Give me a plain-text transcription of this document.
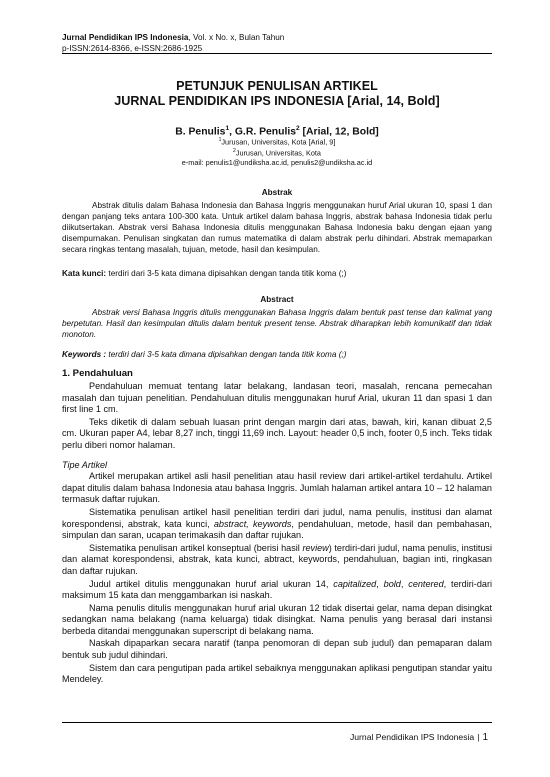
Jurnal Pendidikan IPS Indonesia, Vol. x No. x, Bulan Tahun
p-ISSN:2614-8366, e-ISSN:2686-1925
PETUNJUK PENULISAN ARTIKEL
JURNAL PENDIDIKAN IPS INDONESIA [Arial, 14, Bold]
B. Penulis$^1$, G.R. Penulis$^2$ [Arial, 12, Bold]
$^1$Jurusan, Universitas, Kota [Arial, 9]
$^2$Jurusan, Universitas, Kota
e-mail: penulis1@undiksha.ac.id, penulis2@undiksha.ac.id
Abstrak

Abstrak ditulis dalam Bahasa Indonesia dan Bahasa Inggris menggunakan huruf Arial ukuran 10, spasi 1 dan dengan panjang teks antara 100-300 kata. Untuk artikel dalam bahasa Inggris, abstrak bahasa Indonesia tidak perlu diikutsertakan. Abstrak versi Bahasa Indonesia ditulis menggunakan Bahasa Indonesia baku dengan ejaan yang disempurnakan. Penulisan singkatan dan rumus matematika di dalam abstrak perlu dihindari. Abstrak memaparkan secara ringkas tentang masalah, tujuan, metode, hasil dan kesimpulan.

Kata kunci: terdiri dari 3-5 kata dimana dipisahkan dengan tanda titik koma (;)

Abstract

Abstrak versi Bahasa Inggris ditulis menggunakan Bahasa Inggris dalam bentuk past tense dan kalimat yang berpetutan. Hasil dan kesimpulan ditulis dalam bentuk present tense. Abstrak diharapkan lebih komunikatif dan tidak monoton.

Keywords : terdiri dari 3-5 kata dimana dipisahkan dengan tanda titik koma (;)

1. Pendahuluan

Pendahuluan memuat tentang latar belakang, landasan teori, masalah, rencana pemecahan masalah dan tujuan penelitian. Pendahuluan ditulis menggunakan huruf Arial, ukuran 11 dan spasi 1 dan first line 1 cm.

Teks diketik di dalam sebuah luasan print dengan margin dari atas, bawah, kiri, kanan dibuat 2,5 cm. Ukuran paper A4, lebar 8,27 inch, tinggi 11,69 inch. Layout: header 0,5 inch, footer 0,5 inch. Teks tidak perlu diberi nomor halaman.

Tipe Artikel

Artikel merupakan artikel asli hasil penelitian atau hasil review dari artikel-artikel terdahulu. Artikel dapat ditulis dalam bahasa Indonesia atau bahasa Inggris. Jumlah halaman artikel antara 10 – 12 halaman termasuk daftar rujukan.

Sistematika penulisan artikel hasil penelitian terdiri dari judul, nama penulis, institusi dan alamat korespondensi, abstrak, kata kunci, abstract, keywords, pendahuluan, metode, hasil dan pembahasan, simpulan dan saran, ucapan terimakasih dan daftar rujukan.

Sistematika penulisan artikel konseptual (berisi hasil review) terdiri-dari judul, nama penulis, institusi dan alamat korespondensi, abstrak, kata kunci, abtract, keywords, pendahuluan, bagian inti, ringkasan dan daftar rujukan.

Judul artikel ditulis menggunakan huruf arial ukuran 14, capitalized, bold, centered, terdiri-dari maksimum 15 kata dan menggambarkan isi naskah.

Nama penulis ditulis menggunakan huruf arial ukuran 12 tidak disertai gelar, nama depan disingkat sedangkan nama belakang (nama keluarga) tidak disingkat. Nama penulis yang berasal dari instansi berbeda ditandai menggunakan superscript di belakang nama.

Naskah dipaparkan secara naratif (tanpa penomoran di depan sub judul) dan pemaparan dalam bentuk sub judul dihindari.

Sistem dan cara pengutipan pada artikel sebaiknya menggunakan aplikasi pengutipan standar yaitu Mendeley.

Jurnal Pendidikan IPS Indonesia | 1
